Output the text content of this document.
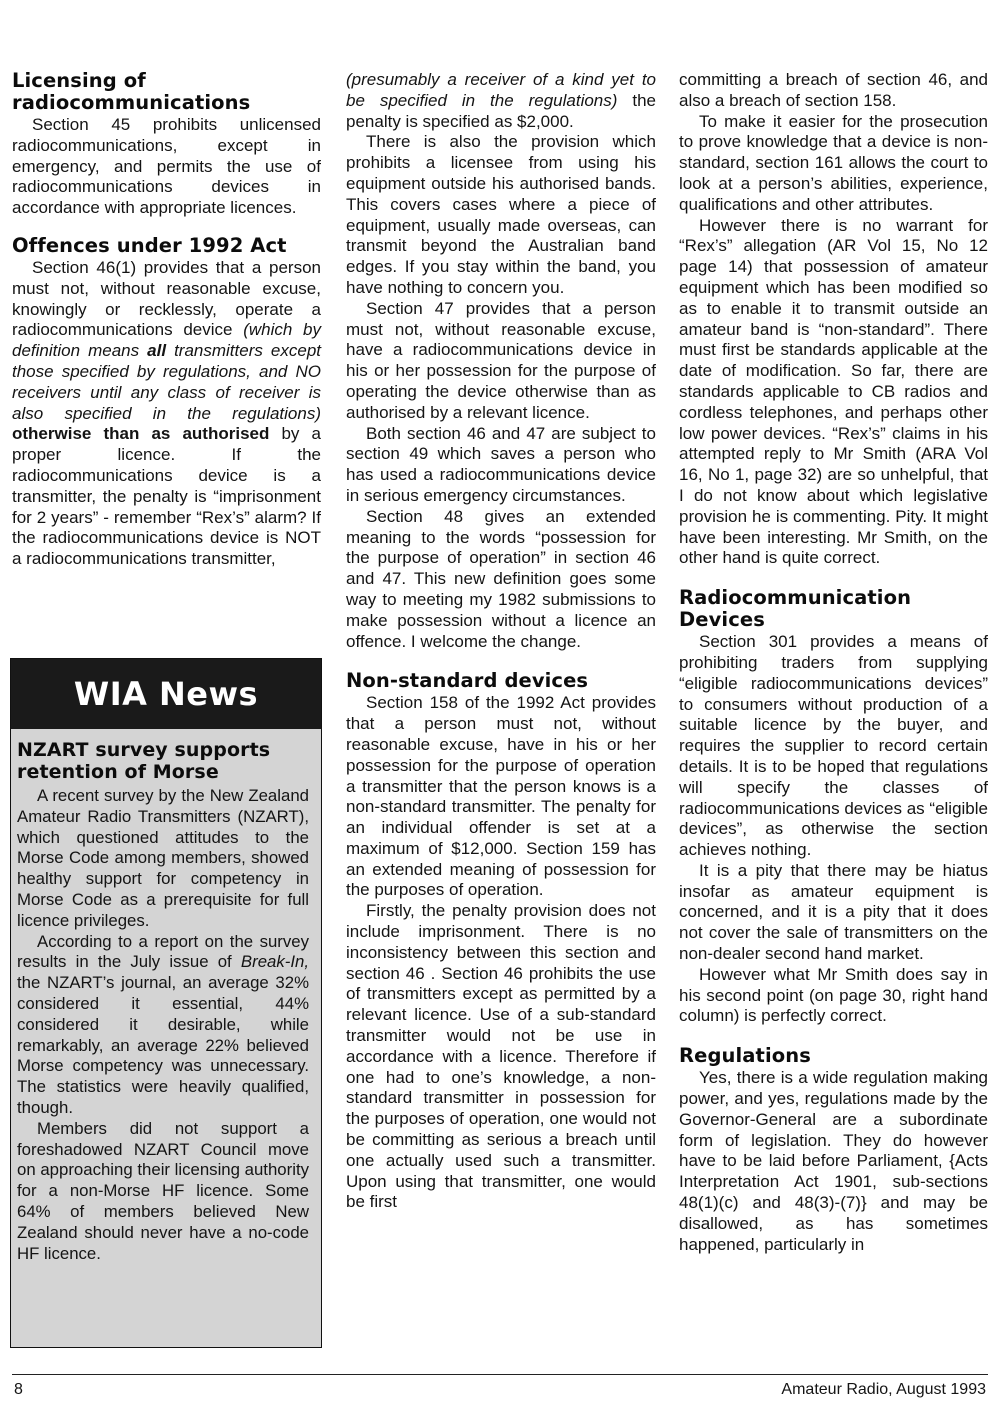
Licensing of radiocommunications

Section 45 prohibits unlicensed radiocommunications, except in emergency, and permits the use of radiocommunications devices in accordance with appropriate licences.

Offences under 1992 Act

Section 46(1) provides that a person must not, without reasonable excuse, knowingly or recklessly, operate a radiocommunications device (which by definition means all transmitters except those specified by regulations, and NO receivers until any class of receiver is also specified in the regulations) otherwise than as authorised by a proper licence. If the radiocommunications device is a transmitter, the penalty is “imprisonment for 2 years” - remember “Rex’s” alarm? If the radiocommunications device is NOT a radiocommunications transmitter,

WIA News
NZART survey supports retention of Morse

A recent survey by the New Zealand Amateur Radio Transmitters (NZART), which questioned attitudes to the Morse Code among members, showed healthy support for competency in Morse Code as a prerequisite for full licence privileges.

According to a report on the survey results in the July issue of Break-In, the NZART’s journal, an average 32% considered it essential, 44% considered it desirable, while remarkably, an average 22% believed Morse competency was unnecessary. The statistics were heavily qualified, though.

Members did not support a foreshadowed NZART Council move on approaching their licensing authority for a non-Morse HF licence. Some 64% of members believed New Zealand should never have a no-code HF licence.

(presumably a receiver of a kind yet to be specified in the regulations) the penalty is specified as $2,000.

There is also the provision which prohibits a licensee from using his equipment outside his authorised bands. This covers cases where a piece of equipment, usually made overseas, can transmit beyond the Australian band edges. If you stay within the band, you have nothing to concern you.

Section 47 provides that a person must not, without reasonable excuse, have a radiocommunications device in his or her possession for the purpose of operating the device otherwise than as authorised by a relevant licence.

Both section 46 and 47 are subject to section 49 which saves a person who has used a radiocommunications device in serious emergency circumstances.

Section 48 gives an extended meaning to the words “possession for the purpose of operation” in section 46 and 47. This new definition goes some way to meeting my 1982 submissions to make possession without a licence an offence. I welcome the change.

Non-standard devices

Section 158 of the 1992 Act provides that a person must not, without reasonable excuse, have in his or her possession for the purpose of operation a transmitter that the person knows is a non-standard transmitter. The penalty for an individual offender is set at a maximum of $12,000. Section 159 has an extended meaning of possession for the purposes of operation.

Firstly, the penalty provision does not include imprisonment. There is no inconsistency between this section and section 46 . Section 46 prohibits the use of transmitters except as permitted by a relevant licence. Use of a sub-standard transmitter would not be use in accordance with a licence. Therefore if one had to one’s knowledge, a non-standard transmitter in possession for the purposes of operation, one would not be committing as serious a breach until one actually used such a transmitter. Upon using that transmitter, one would be first

committing a breach of section 46, and also a breach of section 158.

To make it easier for the prosecution to prove knowledge that a device is non-standard, section 161 allows the court to look at a person’s abilities, experience, qualifications and other attributes.

However there is no warrant for “Rex’s” allegation (AR Vol 15, No 12 page 14) that possession of amateur equipment which has been modified so as to enable it to transmit outside an amateur band is “non-standard”. There must first be standards applicable at the date of modification. So far, there are standards applicable to CB radios and cordless telephones, and perhaps other low power devices. “Rex’s” claims in his attempted reply to Mr Smith (ARA Vol 16, No 1, page 32) are so unhelpful, that I do not know about which legislative provision he is commenting. Pity. It might have been interesting. Mr Smith, on the other hand is quite correct.

Radiocommunication Devices

Section 301 provides a means of prohibiting traders from supplying “eligible radiocommunications devices” to consumers without production of a suitable licence by the buyer, and requires the supplier to record certain details. It is to be hoped that regulations will specify the classes of radiocommunications devices as “eligible devices”, as otherwise the section achieves nothing.

It is a pity that there may be hiatus insofar as amateur equipment is concerned, and it is a pity that it does not cover the sale of transmitters on the non-dealer second hand market.

However what Mr Smith does say in his second point (on page 30, right hand column) is perfectly correct.

Regulations

Yes, there is a wide regulation making power, and yes, regulations made by the Governor-General are a subordinate form of legislation. They do however have to be laid before Parliament, {Acts Interpretation Act 1901, sub-sections 48(1)(c) and 48(3)-(7)} and may be disallowed, as has sometimes happened, particularly in

8	Amateur Radio, August 1993
